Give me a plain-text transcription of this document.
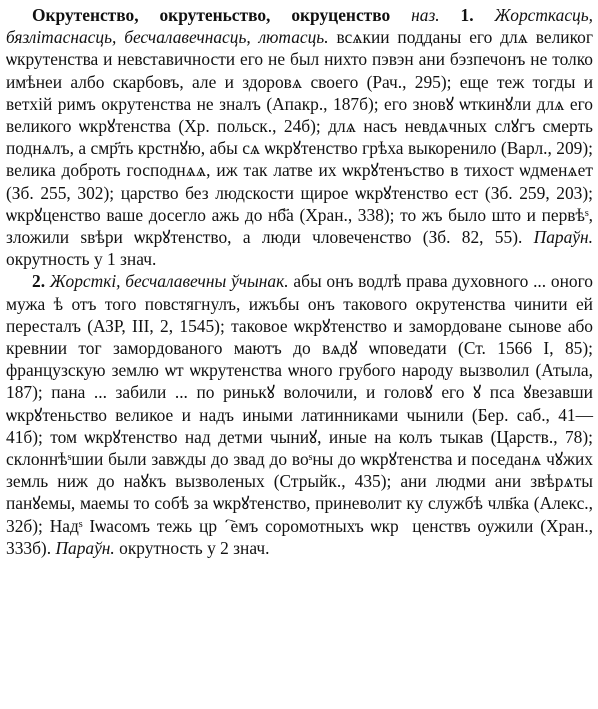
Окрутенство, окрутеньство, окруценство наз. 1. Жорсткасць, бязлітаснасць, бесчалавечнасць, лютасць. всѧкии подданы его длѧ великог ѡкрутенства и невставичности его не был нихто пэвэн ани бэзпечонъ не толко имѣнеи албо скарбовъ, але и здоровѧ своего (Рач., 295); еще теж тогды и ветхій римъ окрутенства не зналъ (Апакр., 187б); его зновꙋ ѡткинꙋли длѧ его великого ѡкрꙋтенства (Хр. польск., 24б); длѧ насъ невдѧчных слꙋгъ смерть поднѧлъ, а смр҃ть крстнꙋю, абы сѧ ѡкрꙋтенство грѣха выкоренило (Варл., 209); велика доброть господнѧѧ, иж так латве их ѡкрꙋтенъство в тихост ѡдменѧет (Зб. 255, 302); царство без людскости щирое ѡкрꙋтенство ест (Зб. 259, 203); ѡкрꙋценство ваше досегло ажь до нб҃а (Хран., 338); то жъ было што и первѣˢ, зложили ѕвѣри ѡкрꙋтенство, а люди чловеченство (Зб. 82, 55). Параўн. окрутность у 1 знач.

2. Жорсткі, бесчалавечны ўчынак. абы онъ водлѣ права духовного ... оного мужа ѣ отъ того повстягнулъ, ижъбы онъ такового окрутенства чинити ей пересталъ (АЗР, III, 2, 1545); таковое ѡкрꙋтенство и замордоване сынове або кревнии тог замордованого маютъ до вѧдꙋ ѡповедати (Ст. 1566 I, 85); французскую землю ѡт ѡкрутенства ѡного грубого народу вызволил (Атыла, 187); пана ... забили ... по ринькꙋ волочили, и головꙋ его ꙋ пса ꙋвезавши ѡкрꙋтеньство великое и надъ иными латинниками чынили (Бер. саб., 41—41б); том ѡкрꙋтенство над детми чыниꙋ, иные на колъ тыкав (Царств., 78); склоннѣˢшии были завжды до звад до воˢны до ѡкрꙋтенства и поседанѧ чꙋжих земль ниж до наꙋкъ вызволеных (Стрыйк., 435); ани людми ани звѣрѧты панꙋемы, маемы то собѣ за ѡкрꙋтенство, приневолит ку службѣ члв҃ка (Алекс., 32б); Надˢ Іѡасомъ тежь црⷭ҇емъ соромотныхъ ѡкрꙋценствъ оужили (Хран., 333б). Параўн. окрутность у 2 знач.
